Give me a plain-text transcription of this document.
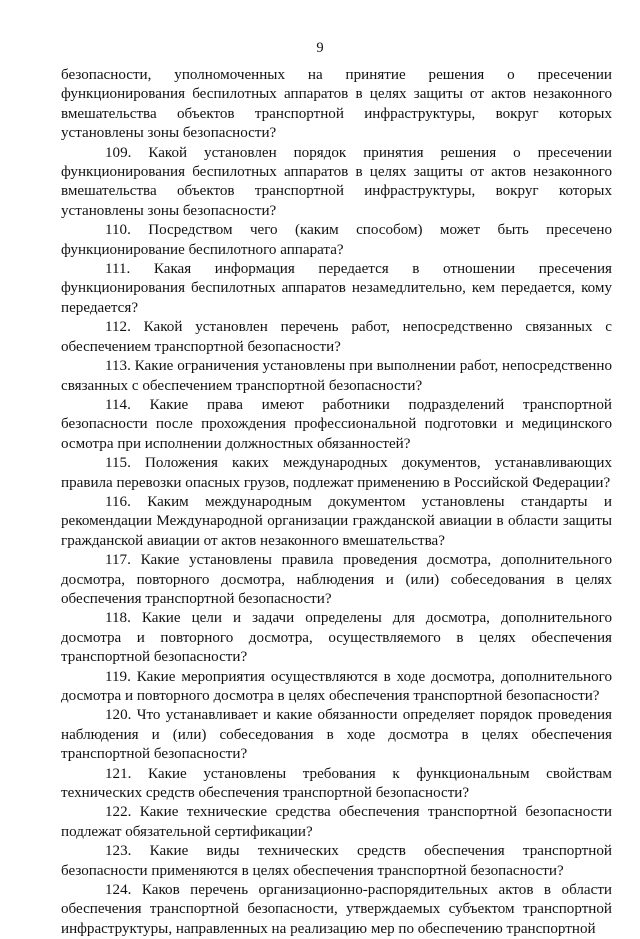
9

безопасности, уполномоченных на принятие решения о пресечении функционирования беспилотных аппаратов в целях защиты от актов незаконного вмешательства объектов транспортной инфраструктуры, вокруг которых установлены зоны безопасности?

109. Какой установлен порядок принятия решения о пресечении функционирования беспилотных аппаратов в целях защиты от актов незаконного вмешательства объектов транспортной инфраструктуры, вокруг которых установлены зоны безопасности?

110. Посредством чего (каким способом) может быть пресечено функционирование беспилотного аппарата?

111. Какая информация передается в отношении пресечения функционирования беспилотных аппаратов незамедлительно, кем передается, кому передается?

112. Какой установлен перечень работ, непосредственно связанных с обеспечением транспортной безопасности?

113. Какие ограничения установлены при выполнении работ, непосредственно связанных с обеспечением транспортной безопасности?

114. Какие права имеют работники подразделений транспортной безопасности после прохождения профессиональной подготовки и медицинского осмотра при исполнении должностных обязанностей?

115. Положения каких международных документов, устанавливающих правила перевозки опасных грузов, подлежат применению в Российской Федерации?

116. Каким международным документом установлены стандарты и рекомендации Международной организации гражданской авиации в области защиты гражданской авиации от актов незаконного вмешательства?

117. Какие установлены правила проведения досмотра, дополнительного досмотра, повторного досмотра, наблюдения и (или) собеседования в целях обеспечения транспортной безопасности?

118. Какие цели и задачи определены для досмотра, дополнительного досмотра и повторного досмотра, осуществляемого в целях обеспечения транспортной безопасности?

119. Какие мероприятия осуществляются в ходе досмотра, дополнительного досмотра и повторного досмотра в целях обеспечения транспортной безопасности?

120. Что устанавливает и какие обязанности определяет порядок проведения наблюдения и (или) собеседования в ходе досмотра в целях обеспечения транспортной безопасности?

121. Какие установлены требования к функциональным свойствам технических средств обеспечения транспортной безопасности?

122. Какие технические средства обеспечения транспортной безопасности подлежат обязательной сертификации?

123. Какие виды технических средств обеспечения транспортной безопасности применяются в целях обеспечения транспортной безопасности?

124. Каков перечень организационно-распорядительных актов в области обеспечения транспортной безопасности, утверждаемых субъектом транспортной инфраструктуры, направленных на реализацию мер по обеспечению транспортной
